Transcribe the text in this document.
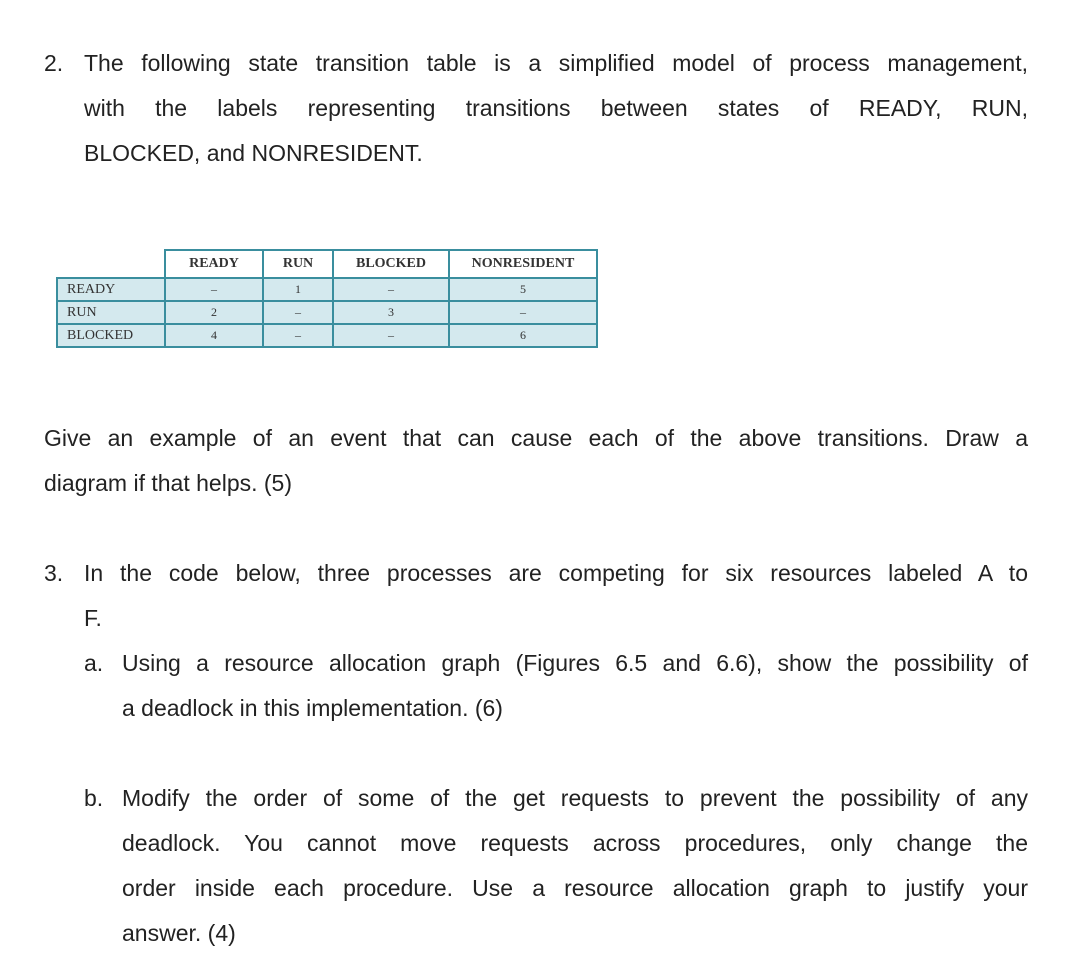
2. The following state transition table is a simplified model of process management,
with the labels representing transitions between states of READY, RUN,
BLOCKED, and NONRESIDENT.
	READY	RUN	BLOCKED	NONRESIDENT
READY	–	1	–	5
RUN	2	–	3	–
BLOCKED	4	–	–	6
Give an example of an event that can cause each of the above transitions. Draw a
diagram if that helps. (5)
3. In the code below, three processes are competing for six resources labeled A to
F.
a. Using a resource allocation graph (Figures 6.5 and 6.6), show the possibility of
a deadlock in this implementation. (6)
b. Modify the order of some of the get requests to prevent the possibility of any
deadlock. You cannot move requests across procedures, only change the
order inside each procedure. Use a resource allocation graph to justify your
answer. (4)
